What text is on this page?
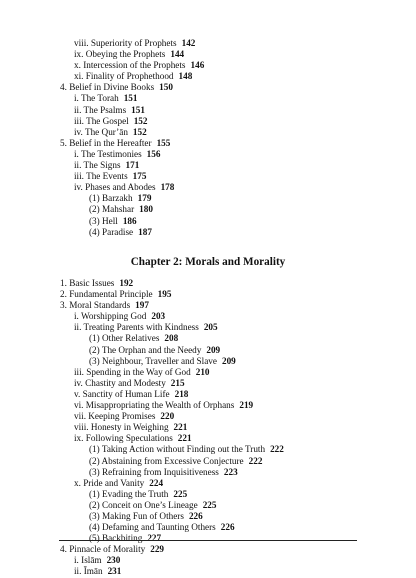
viii. Superiority of Prophets 142
ix. Obeying the Prophets 144
x. Intercession of the Prophets 146
xi. Finality of Prophethood 148
4. Belief in Divine Books 150
i. The Torah 151
ii. The Psalms 151
iii. The Gospel 152
iv. The Qur’ān 152
5. Belief in the Hereafter 155
i. The Testimonies 156
ii. The Signs 171
iii. The Events 175
iv. Phases and Abodes 178
(1) Barzakh 179
(2) Mahshar 180
(3) Hell 186
(4) Paradise 187
Chapter 2: Morals and Morality
1. Basic Issues 192
2. Fundamental Principle 195
3. Moral Standards 197
i. Worshipping God 203
ii. Treating Parents with Kindness 205
(1) Other Relatives 208
(2) The Orphan and the Needy 209
(3) Neighbour, Traveller and Slave 209
iii. Spending in the Way of God 210
iv. Chastity and Modesty 215
v. Sanctity of Human Life 218
vi. Misappropriating the Wealth of Orphans 219
vii. Keeping Promises 220
viii. Honesty in Weighing 221
ix. Following Speculations 221
(1) Taking Action without Finding out the Truth 222
(2) Abstaining from Excessive Conjecture 222
(3) Refraining from Inquisitiveness 223
x. Pride and Vanity 224
(1) Evading the Truth 225
(2) Conceit on One’s Lineage 225
(3) Making Fun of Others 226
(4) Defaming and Taunting Others 226
(5) Backbiting 227
4. Pinnacle of Morality 229
i. Islām 230
ii. Īmān 231
